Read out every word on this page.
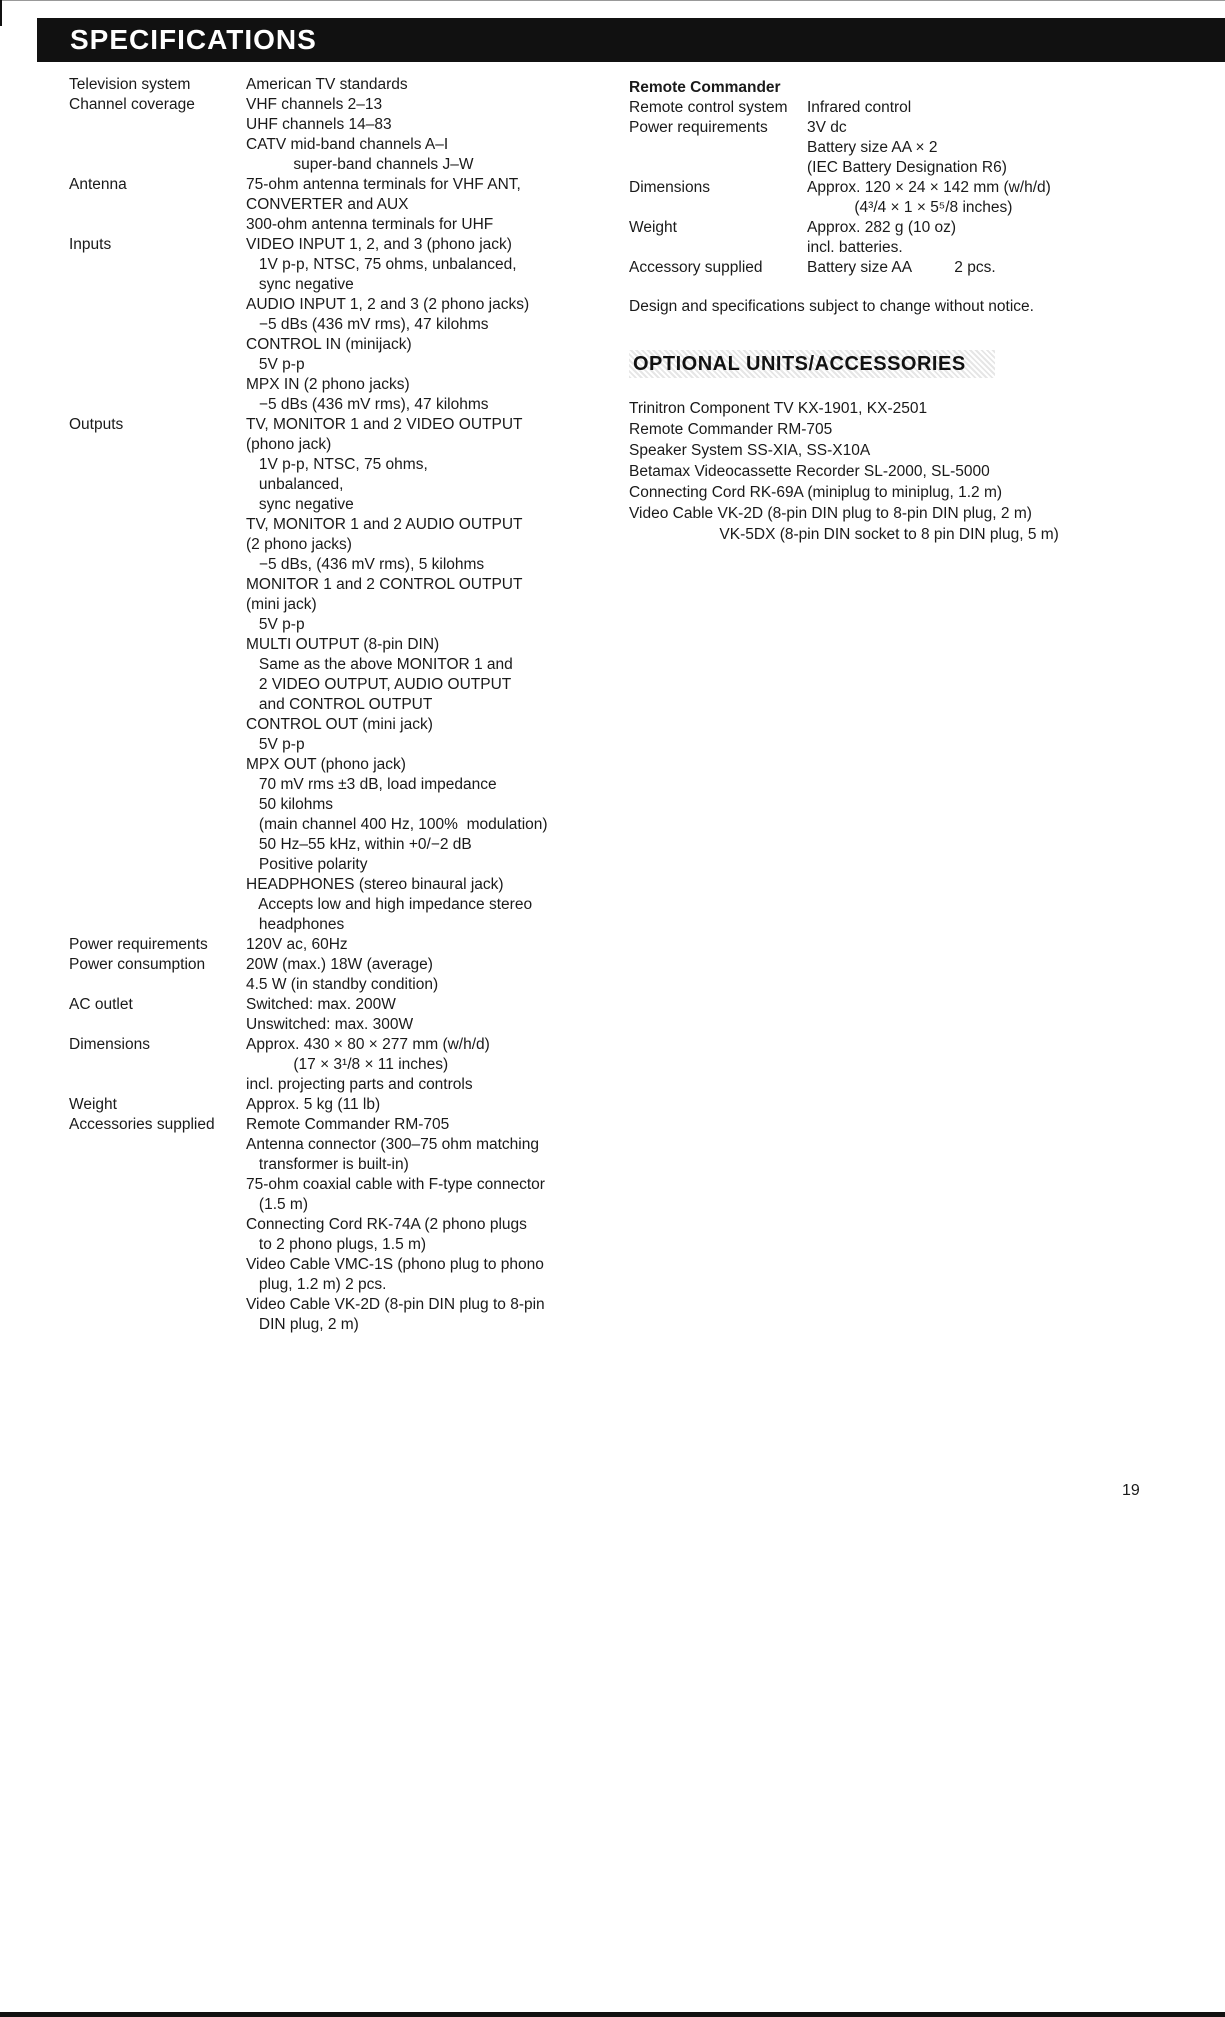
SPECIFICATIONS
Television system	American TV standards
Channel coverage	VHF channels 2–13
UHF channels 14–83
CATV mid-band channels A–I
super-band channels J–W
Antenna	75-ohm antenna terminals for VHF ANT,
CONVERTER and AUX
300-ohm antenna terminals for UHF
Inputs	VIDEO INPUT 1, 2, and 3 (phono jack)
1V p-p, NTSC, 75 ohms, unbalanced,
sync negative
AUDIO INPUT 1, 2 and 3 (2 phono jacks)
−5 dBs (436 mV rms), 47 kilohms
CONTROL IN (minijack)
5V p-p
MPX IN (2 phono jacks)
−5 dBs (436 mV rms), 47 kilohms
Outputs	TV, MONITOR 1 and 2 VIDEO OUTPUT
(phono jack)
1V p-p, NTSC, 75 ohms,
unbalanced,
sync negative
TV, MONITOR 1 and 2 AUDIO OUTPUT
(2 phono jacks)
−5 dBs, (436 mV rms), 5 kilohms
MONITOR 1 and 2 CONTROL OUTPUT
(mini jack)
5V p-p
MULTI OUTPUT (8-pin DIN)
Same as the above MONITOR 1 and
2 VIDEO OUTPUT, AUDIO OUTPUT
and CONTROL OUTPUT
CONTROL OUT (mini jack)
5V p-p
MPX OUT (phono jack)
70 mV rms ±3 dB, load impedance
50 kilohms
(main channel 400 Hz, 100%  modulation)
50 Hz–55 kHz, within +0/−2 dB
Positive polarity
HEADPHONES (stereo binaural jack)
Accepts low and high impedance stereo
headphones
Power requirements	120V ac, 60Hz
Power consumption	20W (max.) 18W (average)
4.5 W (in standby condition)
AC outlet	Switched: max. 200W
Unswitched: max. 300W
Dimensions	Approx. 430 × 80 × 277 mm (w/h/d)
(17 × 3¹/8 × 11 inches)
incl. projecting parts and controls
Weight	Approx. 5 kg (11 lb)
Accessories supplied	Remote Commander RM-705
Antenna connector (300–75 ohm matching
transformer is built-in)
75-ohm coaxial cable with F-type connector
(1.5 m)
Connecting Cord RK-74A (2 phono plugs
to 2 phono plugs, 1.5 m)
Video Cable VMC-1S (phono plug to phono
plug, 1.2 m) 2 pcs.
Video Cable VK-2D (8-pin DIN plug to 8-pin
DIN plug, 2 m)
Remote Commander
Remote control system	Infrared control
Power requirements	3V dc
Battery size AA × 2
(IEC Battery Designation R6)
Dimensions	Approx. 120 × 24 × 142 mm (w/h/d)
(4³/4 × 1 × 5⁵/8 inches)
Weight	Approx. 282 g (10 oz)
incl. batteries.
Accessory supplied	Battery size AA          2 pcs.
Design and specifications subject to change without notice.
OPTIONAL UNITS/ACCESSORIES
Trinitron Component TV KX-1901, KX-2501
Remote Commander RM-705
Speaker System SS-XIA, SS-X10A
Betamax Videocassette Recorder SL-2000, SL-5000
Connecting Cord RK-69A (miniplug to miniplug, 1.2 m)
Video Cable VK-2D (8-pin DIN plug to 8-pin DIN plug, 2 m)
VK-5DX (8-pin DIN socket to 8 pin DIN plug, 5 m)
19
